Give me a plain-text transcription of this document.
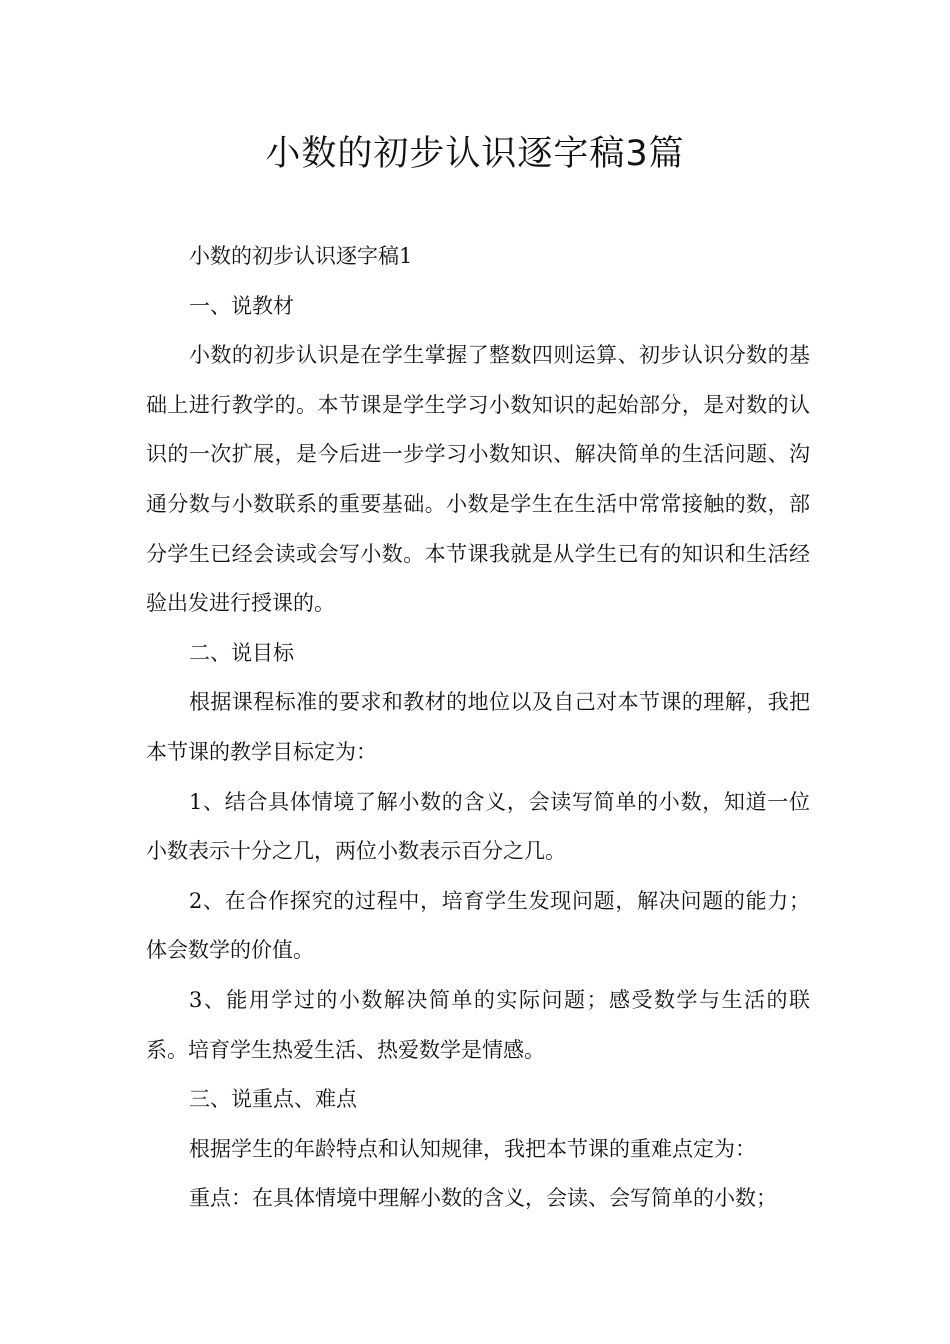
小数的初步认识逐字稿3篇

小数的初步认识逐字稿1

一、说教材

小数的初步认识是在学生掌握了整数四则运算、初步认识分数的基础上进行教学的。本节课是学生学习小数知识的起始部分，是对数的认识的一次扩展，是今后进一步学习小数知识、解决简单的生活问题、沟通分数与小数联系的重要基础。小数是学生在生活中常常接触的数，部分学生已经会读或会写小数。本节课我就是从学生已有的知识和生活经验出发进行授课的。

二、说目标

根据课程标准的要求和教材的地位以及自己对本节课的理解，我把本节课的教学目标定为：

1、结合具体情境了解小数的含义，会读写简单的小数，知道一位小数表示十分之几，两位小数表示百分之几。

2、在合作探究的过程中，培育学生发现问题，解决问题的能力；体会数学的价值。

3、能用学过的小数解决简单的实际问题；感受数学与生活的联系。培育学生热爱生活、热爱数学是情感。

三、说重点、难点

根据学生的年龄特点和认知规律，我把本节课的重难点定为：

重点：在具体情境中理解小数的含义，会读、会写简单的小数；
